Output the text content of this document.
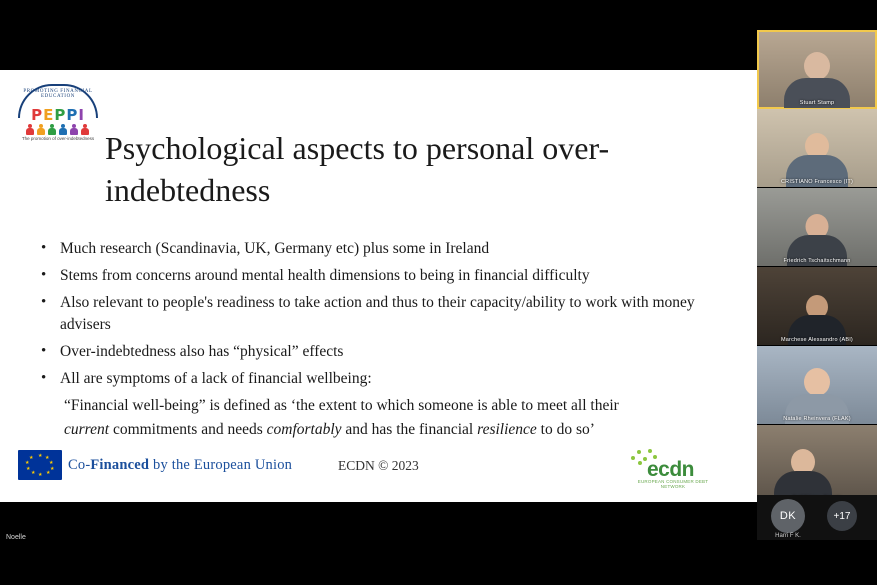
PROMOTING FINANCIAL EDUCATION
PEPPI
The promotion of over-indebtedness Psychological aspects to personal over-indebtedness
• Much research (Scandinavia, UK, Germany etc) plus some in Ireland
• Stems from concerns around mental health dimensions to being in financial difficulty
• Also relevant to people's readiness to take action and thus to their capacity/ability to work with money advisers
• Over-indebtedness also has “physical” effects
• All are symptoms of a lack of financial wellbeing:
“Financial well-being” is defined as ‘the extent to which someone is able to meet all their
current commitments and needs comfortably and has the financial resilience to do so’
★ ★
★
★
★
★
★
★
★
★ Co-Financed by the European Union	ECDN © 2023	ecdn
EUROPEAN CONSUMER DEBT NETWORK
Stuart Stamp
CRISTIANO Francesco (IT)
Friedrich Tschaitschmann
Marchese Alessandro (ABI)
Natalie Rheinvera (FLAK)
DK
Harri F K.
+17
Noelle
